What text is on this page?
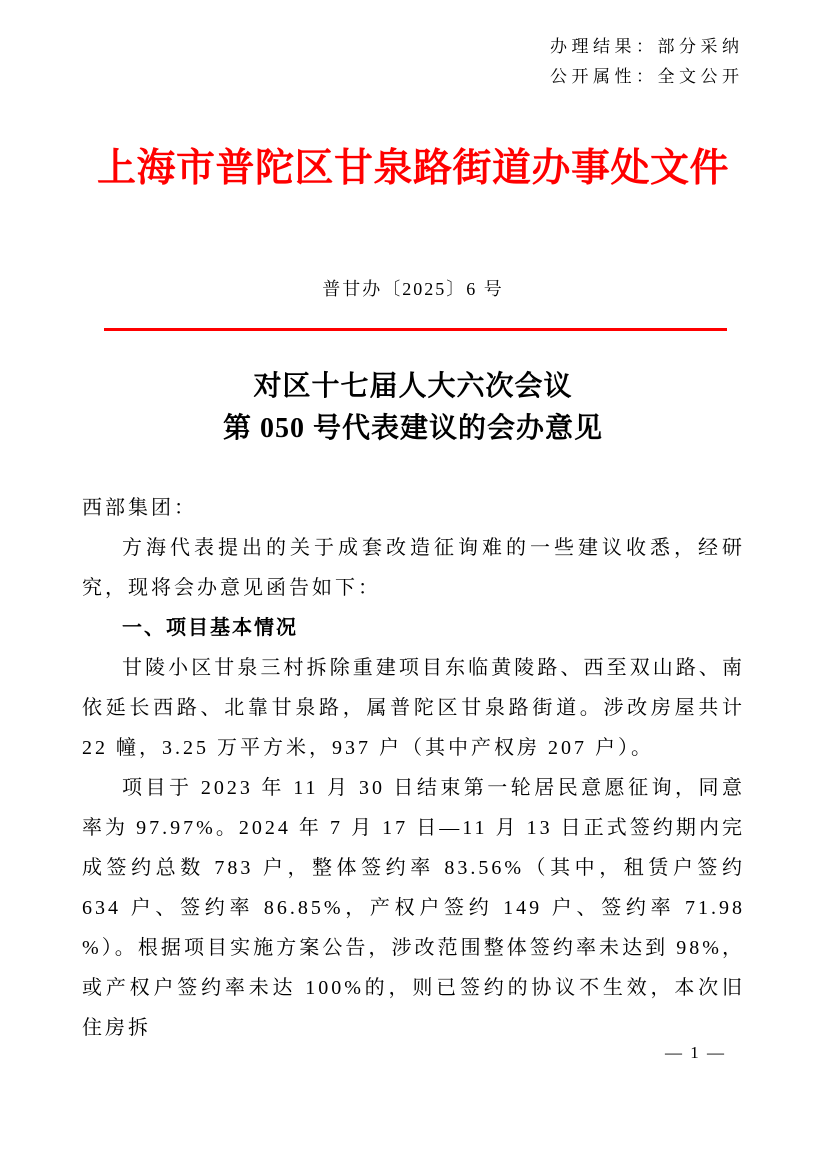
办理结果：部分采纳
公开属性：全文公开
上海市普陀区甘泉路街道办事处文件
普甘办〔2025〕6 号
对区十七届人大六次会议
第 050 号代表建议的会办意见
西部集团：
方海代表提出的关于成套改造征询难的一些建议收悉，经研究，现将会办意见函告如下：
一、项目基本情况
甘陵小区甘泉三村拆除重建项目东临黄陵路、西至双山路、南依延长西路、北靠甘泉路，属普陀区甘泉路街道。涉改房屋共计 22 幢，3.25 万平方米，937 户（其中产权房 207 户）。
项目于 2023 年 11 月 30 日结束第一轮居民意愿征询，同意率为 97.97%。2024 年 7 月 17 日—11 月 13 日正式签约期内完成签约总数 783 户，整体签约率 83.56%（其中，租赁户签约 634 户、签约率 86.85%，产权户签约 149 户、签约率 71.98 %）。根据项目实施方案公告，涉改范围整体签约率未达到 98%，或产权户签约率未达 100%的，则已签约的协议不生效，本次旧住房拆
— 1 —
